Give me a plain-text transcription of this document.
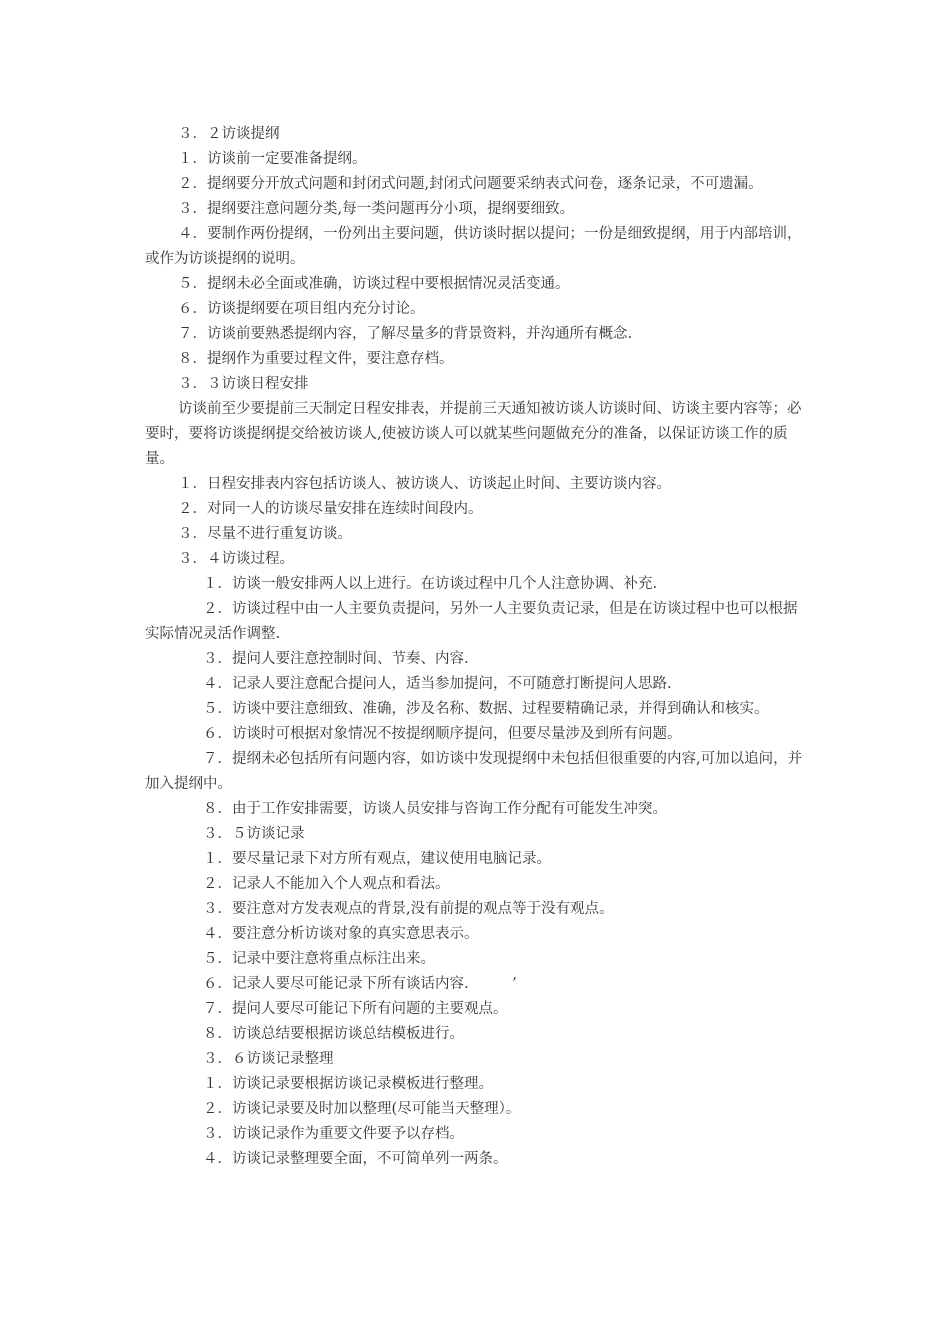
３．２访谈提纲

１．访谈前一定要准备提纲。

２．提纲要分开放式问题和封闭式问题,封闭式问题要采纳表式问卷，逐条记录，不可遗漏。

３．提纲要注意问题分类,每一类问题再分小项，提纲要细致。

４．要制作两份提纲，一份列出主要问题，供访谈时据以提问；一份是细致提纲，用于内部培训，或作为访谈提纲的说明。

５．提纲未必全面或准确，访谈过程中要根据情况灵活变通。

６．访谈提纲要在项目组内充分讨论。

７．访谈前要熟悉提纲内容，了解尽量多的背景资料，并沟通所有概念.

８．提纲作为重要过程文件，要注意存档。

３．３访谈日程安排

访谈前至少要提前三天制定日程安排表，并提前三天通知被访谈人访谈时间、访谈主要内容等；必要时，要将访谈提纲提交给被访谈人,使被访谈人可以就某些问题做充分的准备，以保证访谈工作的质量。

１．日程安排表内容包括访谈人、被访谈人、访谈起止时间、主要访谈内容。

２．对同一人的访谈尽量安排在连续时间段内。

３．尽量不进行重复访谈。

３．４访谈过程。

１．访谈一般安排两人以上进行。在访谈过程中几个人注意协调、补充.

２．访谈过程中由一人主要负责提问，另外一人主要负责记录，但是在访谈过程中也可以根据实际情况灵活作调整.

３．提问人要注意控制时间、节奏、内容.

４．记录人要注意配合提问人，适当参加提问，不可随意打断提问人思路.

５．访谈中要注意细致、准确，涉及名称、数据、过程要精确记录，并得到确认和核实。

６．访谈时可根据对象情况不按提纲顺序提问，但要尽量涉及到所有问题。

７．提纲未必包括所有问题内容，如访谈中发现提纲中未包括但很重要的内容,可加以追问，并加入提纲中。

８．由于工作安排需要，访谈人员安排与咨询工作分配有可能发生冲突。

３．５访谈记录

１．要尽量记录下对方所有观点，建议使用电脑记录。

２．记录人不能加入个人观点和看法。

３．要注意对方发表观点的背景,没有前提的观点等于没有观点。

４．要注意分析访谈对象的真实意思表示。

５．记录中要注意将重点标注出来。

６．记录人要尽可能记录下所有谈话内容.　　　’

７．提问人要尽可能记下所有问题的主要观点。

８．访谈总结要根据访谈总结模板进行。

３．６访谈记录整理

１．访谈记录要根据访谈记录模板进行整理。

２．访谈记录要及时加以整理(尽可能当天整理）。

３．访谈记录作为重要文件要予以存档。

４．访谈记录整理要全面，不可简单列一两条。
